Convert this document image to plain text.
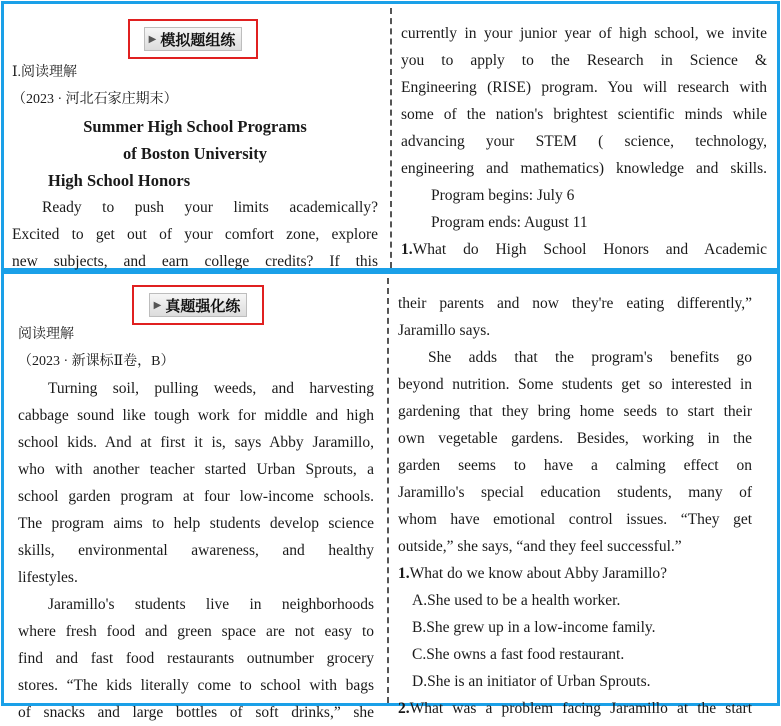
▶ 模拟题组练
Ⅰ.阅读理解
（2023 · 河北石家庄期末）
Summer High School Programs
of Boston University
High School Honors
Ready to push your limits academically?
Excited to get out of your comfort zone, explore
new subjects, and earn college credits? If this
currently in your junior year of high school, we invite
you to apply to the Research in Science &
Engineering (RISE) program. You will research with
some of the nation's brightest scientific minds while
advancing your STEM ( science, technology,
engineering and mathematics) knowledge and skills.
Program begins: July 6
Program ends: August 11
1.What do High School Honors and Academic
▶ 真题强化练
阅读理解
（2023 · 新课标Ⅱ卷，B）
Turning soil, pulling weeds, and harvesting
cabbage sound like tough work for middle and high
school kids. And at first it is, says Abby Jaramillo,
who with another teacher started Urban Sprouts, a
school garden program at four low-income schools.
The program aims to help students develop science
skills, environmental awareness, and healthy
lifestyles.
Jaramillo's students live in neighborhoods
where fresh food and green space are not easy to
find and fast food restaurants outnumber grocery
stores. “The kids literally come to school with bags
of snacks and large bottles of soft drinks,” she
their parents and now they're eating differently,”
Jaramillo says.
She adds that the program's benefits go
beyond nutrition. Some students get so interested in
gardening that they bring home seeds to start their
own vegetable gardens. Besides, working in the
garden seems to have a calming effect on
Jaramillo's special education students, many of
whom have emotional control issues. “They get
outside,” she says, “and they feel successful.”
1.What do we know about Abby Jaramillo?
A.She used to be a health worker.
B.She grew up in a low-income family.
C.She owns a fast food restaurant.
D.She is an initiator of Urban Sprouts.
2.What was a problem facing Jaramillo at the start
